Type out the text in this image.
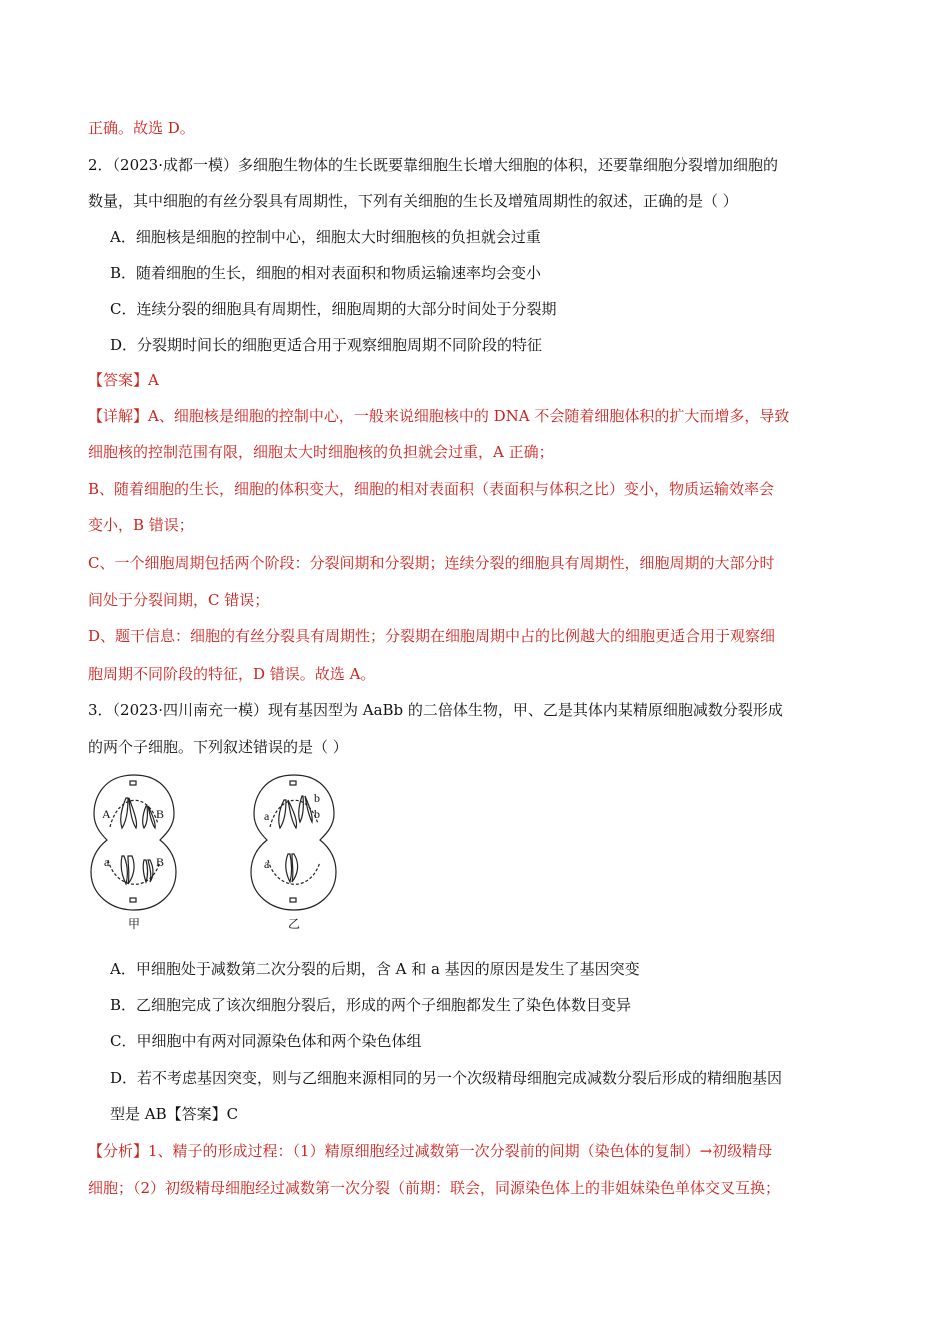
正确。故选 D。
2．（2023·成都一模）多细胞生物体的生长既要靠细胞生长增大细胞的体积，还要靠细胞分裂增加细胞的
数量，其中细胞的有丝分裂具有周期性，下列有关细胞的生长及增殖周期性的叙述，正确的是（ ）
A．细胞核是细胞的控制中心，细胞太大时细胞核的负担就会过重
B．随着细胞的生长，细胞的相对表面积和物质运输速率均会变小
C．连续分裂的细胞具有周期性，细胞周期的大部分时间处于分裂期
D．分裂期时间长的细胞更适合用于观察细胞周期不同阶段的特征
【答案】A
【详解】A、细胞核是细胞的控制中心，一般来说细胞核中的 DNA 不会随着细胞体积的扩大而增多，导致
细胞核的控制范围有限，细胞太大时细胞核的负担就会过重，A 正确；
B、随着细胞的生长，细胞的体积变大，细胞的相对表面积（表面积与体积之比）变小，物质运输效率会
变小，B 错误；
C、一个细胞周期包括两个阶段：分裂间期和分裂期；连续分裂的细胞具有周期性，细胞周期的大部分时
间处于分裂间期，C 错误；
D、题干信息：细胞的有丝分裂具有周期性；分裂期在细胞周期中占的比例越大的细胞更适合用于观察细
胞周期不同阶段的特征，D 错误。故选 A。
3．（2023·四川南充一模）现有基因型为 AaBb 的二倍体生物，甲、乙是其体内某精原细胞减数分裂形成
的两个子细胞。下列叙述错误的是（ ）
A	B
a	B
a
b
b
a
甲	乙
A．甲细胞处于减数第二次分裂的后期，含 A 和 a 基因的原因是发生了基因突变
B．乙细胞完成了该次细胞分裂后，形成的两个子细胞都发生了染色体数目变异
C．甲细胞中有两对同源染色体和两个染色体组
D．若不考虑基因突变，则与乙细胞来源相同的另一个次级精母细胞完成减数分裂后形成的精细胞基因
型是 AB【答案】C
【分析】1、精子的形成过程：（1）精原细胞经过减数第一次分裂前的间期（染色体的复制）→初级精母
细胞；（2）初级精母细胞经过减数第一次分裂（前期：联会，同源染色体上的非姐妹染色单体交叉互换；
